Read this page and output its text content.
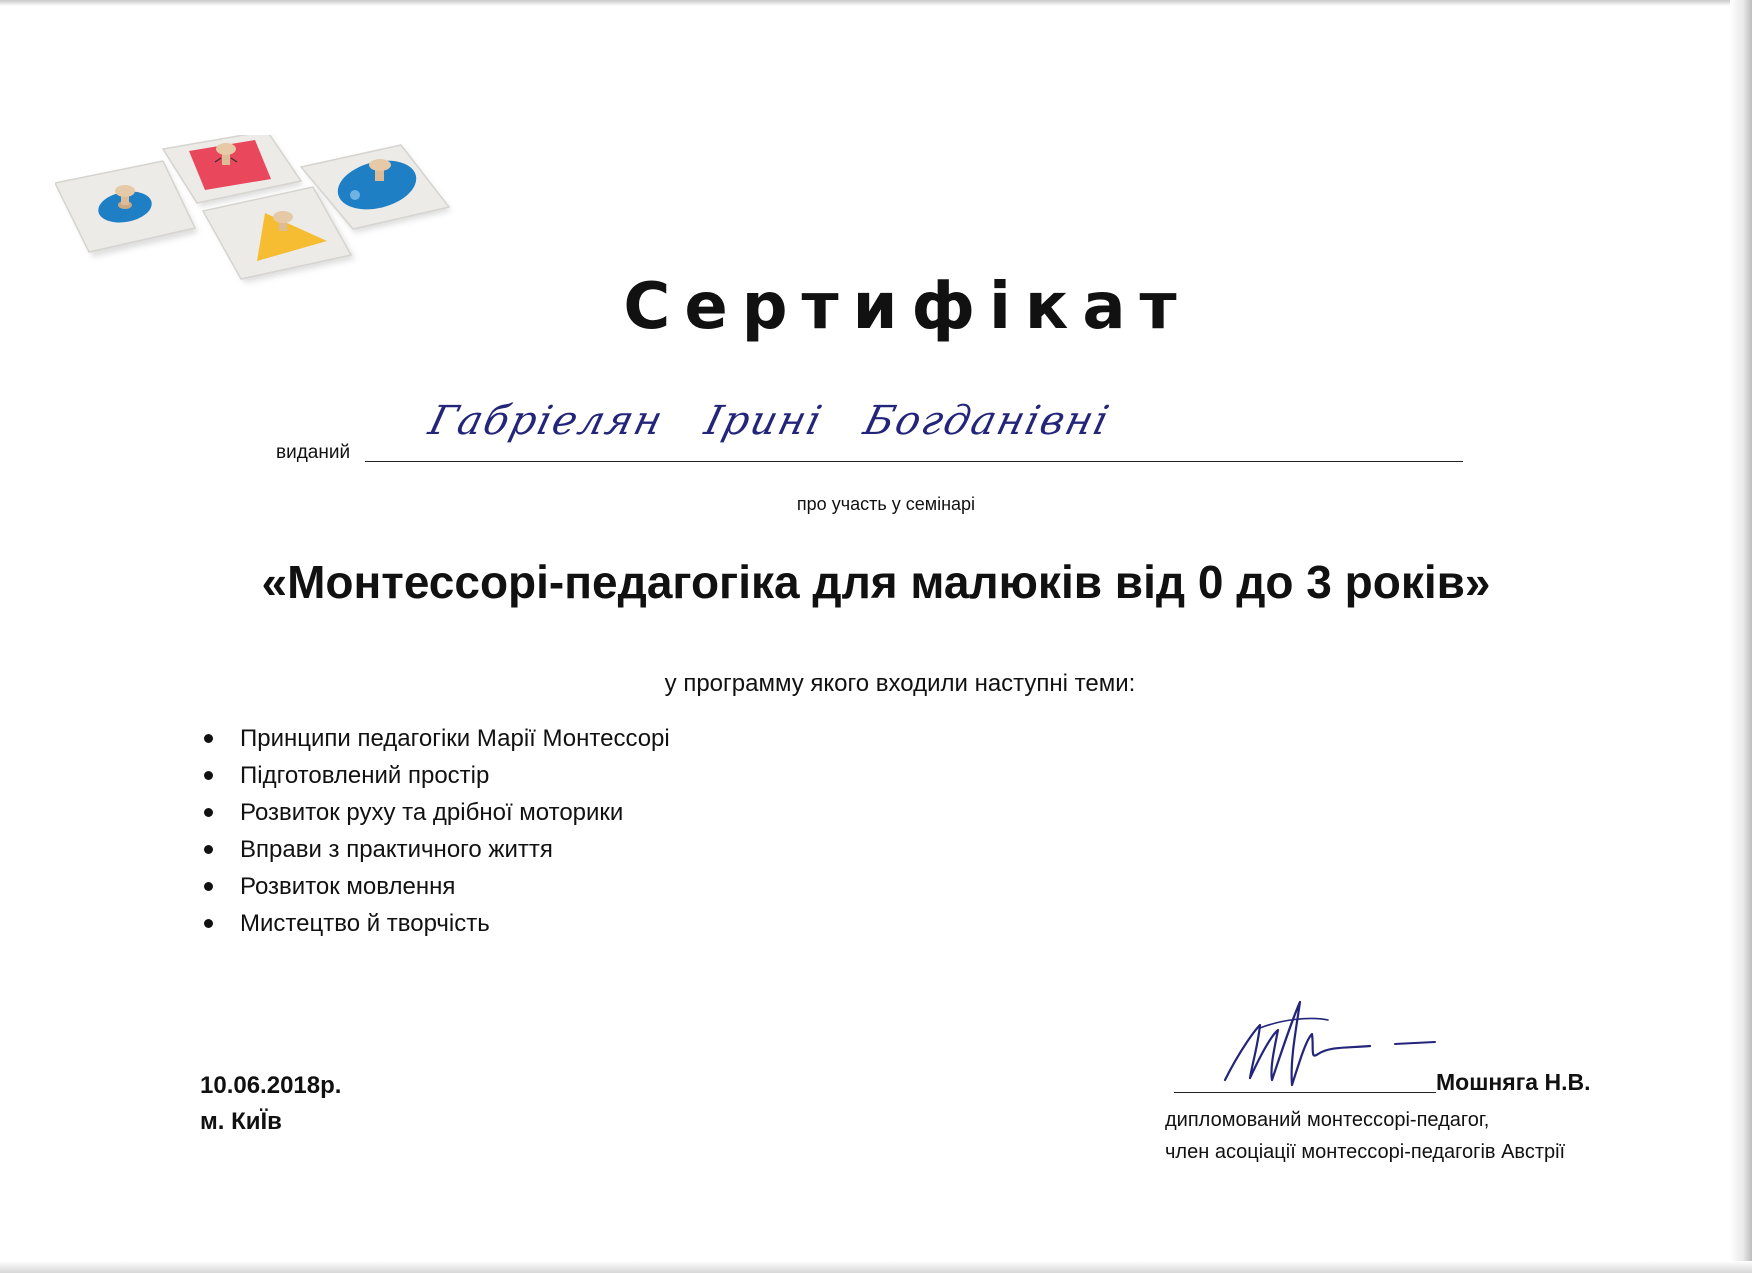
Сертифікат
виданий
Габріелян Ірині Богданівні
про участь у семінарі
«Монтессорі-педагогіка для малюків від 0 до 3 років»
у программу якого входили наступні теми:
Принципи педагогіки Марії Монтессорі
Підготовлений простір
Розвиток руху та дрібної моторики
Вправи з практичного життя
Розвиток мовлення
Мистецтво й творчість
10.06.2018р.
м. КиЇв
Мошняга Н.В.
дипломований монтессорі-педагог,
член асоціації монтессорі-педагогів Австрії
